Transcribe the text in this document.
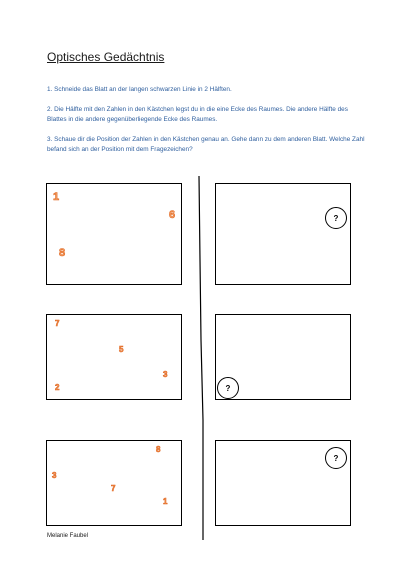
Optisches Gedächtnis

1. Schneide das Blatt an der langen schwarzen Linie in 2 Hälften.

2. Die Hälfte mit den Zahlen in den Kästchen legst du in die eine Ecke des Raumes. Die andere Hälfte des Blattes in die andere gegenüberliegende Ecke des Raumes.

3. Schaue dir die Position der Zahlen in den Kästchen genau an. Gehe dann zu dem anderen Blatt. Welche Zahl befand sich an der Position mit dem Fragezeichen?

1
6
8
?
7
5
3
2	?
8
3
7
1
?
Melanie Faubel
